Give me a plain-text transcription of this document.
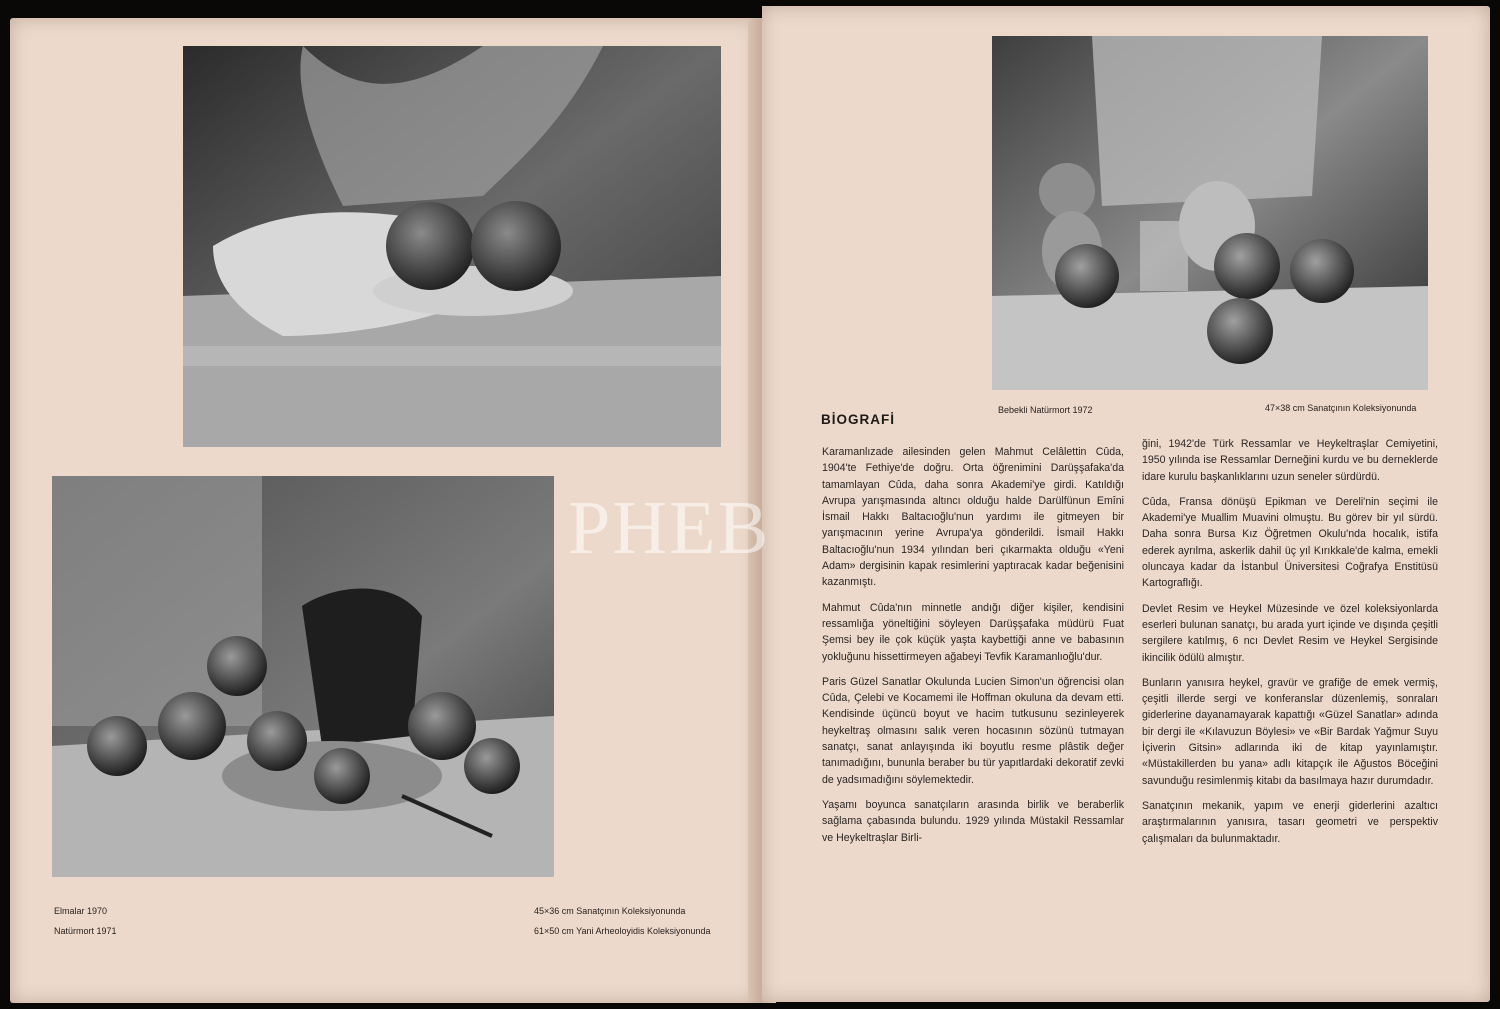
Elmalar 1970	45×36 cm Sanatçının Koleksiyonunda
Natürmort 1971	61×50 cm Yani Arheoloyidis Koleksiyonunda
Bebekli Natürmort 1972	47×38 cm Sanatçının Koleksiyonunda
BİOGRAFİ

Karamanlızade ailesinden gelen Mahmut Celâlettin Cûda, 1904'te Fethiye'de doğru. Orta öğrenimini Darüşşafaka'da tamamlayan Cûda, daha sonra Akademi'ye girdi. Katıldığı Avrupa yarışmasında altıncı olduğu halde Darülfünun Emîni İsmail Hakkı Baltacıoğlu'nun yardımı ile gitmeyen bir yarışmacının yerine Avrupa'ya gönderildi. İsmail Hakkı Baltacıoğlu'nun 1934 yılından beri çıkarmakta olduğu «Yeni Adam» dergisinin kapak resimlerini yaptıracak kadar beğenisini kazanmıştı.

Mahmut Cûda'nın minnetle andığı diğer kişiler, kendisini ressamlığa yöneltiğini söyleyen Darüşşafaka müdürü Fuat Şemsi bey ile çok küçük yaşta kaybettiği anne ve babasının yokluğunu hissettirmeyen ağabeyi Tevfik Karamanlıoğlu'dur.

Paris Güzel Sanatlar Okulunda Lucien Simon'un öğrencisi olan Cûda, Çelebi ve Kocamemi ile Hoffman okuluna da devam etti. Kendisinde üçüncü boyut ve hacim tutkusunu sezinleyerek heykeltraş olmasını salık veren hocasının sözünü tutmayan sanatçı, sanat anlayışında iki boyutlu resme plâstik değer tanımadığını, bununla beraber bu tür yapıtlardaki dekoratif zevki de yadsımadığını söylemektedir.

Yaşamı boyunca sanatçıların arasında birlik ve beraberlik sağlama çabasında bulundu. 1929 yılında Müstakil Ressamlar ve Heykeltraşlar Birli-

ğini, 1942'de Türk Ressamlar ve Heykeltraşlar Cemiyetini, 1950 yılında ise Ressamlar Derneğini kurdu ve bu derneklerde idare kurulu başkanlıklarını uzun seneler sürdürdü.

Cûda, Fransa dönüşü Epikman ve Dereli'nin seçimi ile Akademi'ye Muallim Muavini olmuştu. Bu görev bir yıl sürdü. Daha sonra Bursa Kız Öğretmen Okulu'nda hocalık, istifa ederek ayrılma, askerlik dahil üç yıl Kırıkkale'de kalma, emekli oluncaya kadar da İstanbul Üniversitesi Coğrafya Enstitüsü Kartograflığı.

Devlet Resim ve Heykel Müzesinde ve özel koleksiyonlarda eserleri bulunan sanatçı, bu arada yurt içinde ve dışında çeşitli sergilere katılmış, 6 ncı Devlet Resim ve Heykel Sergisinde ikincilik ödülü almıştır.

Bunların yanısıra heykel, gravür ve grafiğe de emek vermiş, çeşitli illerde sergi ve konferanslar düzenlemiş, sonraları giderlerine dayanamayarak kapattığı «Güzel Sanatlar» adında bir dergi ile «Kılavuzun Böylesi» ve «Bir Bardak Yağmur Suyu İçiverin Gitsin» adlarında iki de kitap yayınlamıştır. «Müstakillerden bu yana» adlı kitapçık ile Ağustos Böceğini savunduğu resimlenmiş kitabı da basılmaya hazır durumdadır.

Sanatçının mekanik, yapım ve enerji giderlerini azaltıcı araştırmalarının yanısıra, tasarı geometri ve perspektiv çalışmaları da bulunmaktadır.

PHEB
